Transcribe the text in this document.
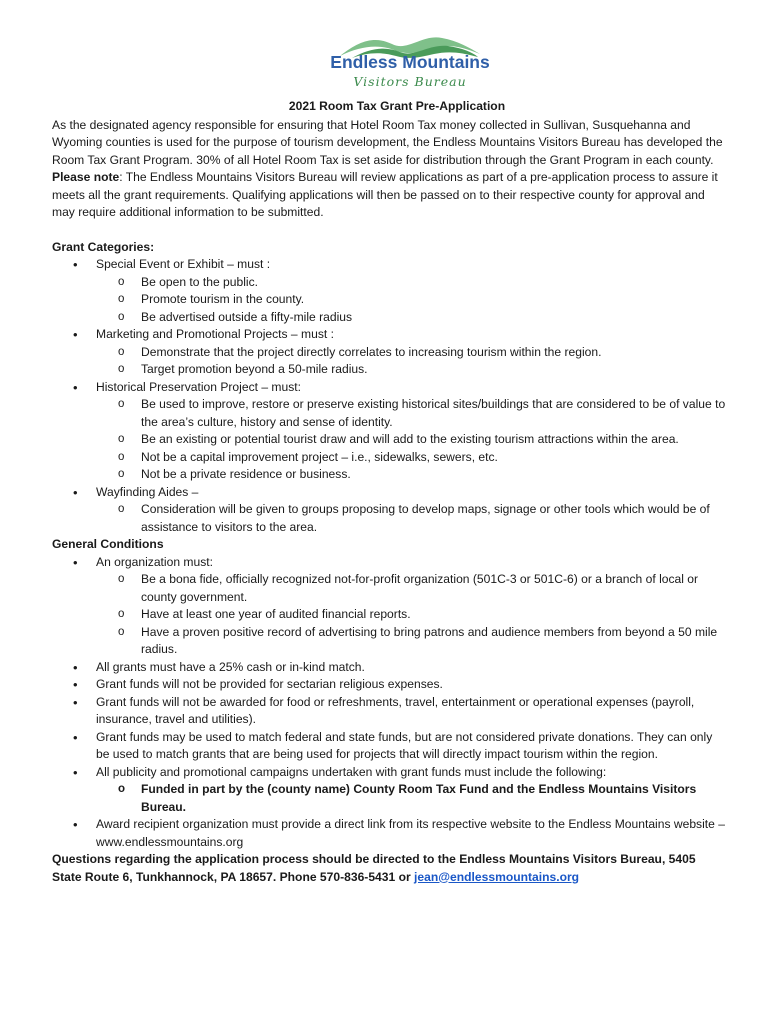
Endless Mountains
Visitors Bureau
2021 Room Tax Grant Pre-Application

As the designated agency responsible for ensuring that Hotel Room Tax money collected in Sullivan, Susquehanna and Wyoming counties is used for the purpose of tourism development, the Endless Mountains Visitors Bureau has developed the Room Tax Grant Program. 30% of all Hotel Room Tax is set aside for distribution through the Grant Program in each county. Please note: The Endless Mountains Visitors Bureau will review applications as part of a pre-application process to assure it meets all the grant requirements. Qualifying applications will then be passed on to their respective county for approval and may require additional information to be submitted.

Grant Categories:
• Special Event or Exhibit – must :
o Be open to the public.
o Promote tourism in the county.
o Be advertised outside a fifty-mile radius
• Marketing and Promotional Projects – must :
o Demonstrate that the project directly correlates to increasing tourism within the region.
o Target promotion beyond a 50-mile radius.
• Historical Preservation Project – must:
o Be used to improve, restore or preserve existing historical sites/buildings that are considered to be of value to the area’s culture, history and sense of identity.
o Be an existing or potential tourist draw and will add to the existing tourism attractions within the area.
o Not be a capital improvement project – i.e., sidewalks, sewers, etc.
o Not be a private residence or business.
• Wayfinding Aides –
o Consideration will be given to groups proposing to develop maps, signage or other tools which would be of assistance to visitors to the area.
General Conditions
• An organization must:
o Be a bona fide, officially recognized not-for-profit organization (501C-3 or 501C-6) or a branch of local or county government.
o Have at least one year of audited financial reports.
o Have a proven positive record of advertising to bring patrons and audience members from beyond a 50 mile radius.
• All grants must have a 25% cash or in-kind match.
• Grant funds will not be provided for sectarian religious expenses.
• Grant funds will not be awarded for food or refreshments, travel, entertainment or operational expenses (payroll, insurance, travel and utilities).
• Grant funds may be used to match federal and state funds, but are not considered private donations. They can only be used to match grants that are being used for projects that will directly impact tourism within the region.
• All publicity and promotional campaigns undertaken with grant funds must include the following:
o Funded in part by the (county name) County Room Tax Fund and the Endless Mountains Visitors Bureau.
• Award recipient organization must provide a direct link from its respective website to the Endless Mountains website – www.endlessmountains.org
Questions regarding the application process should be directed to the Endless Mountains Visitors Bureau, 5405 State Route 6, Tunkhannock, PA 18657. Phone 570-836-5431 or jean@endlessmountains.org
